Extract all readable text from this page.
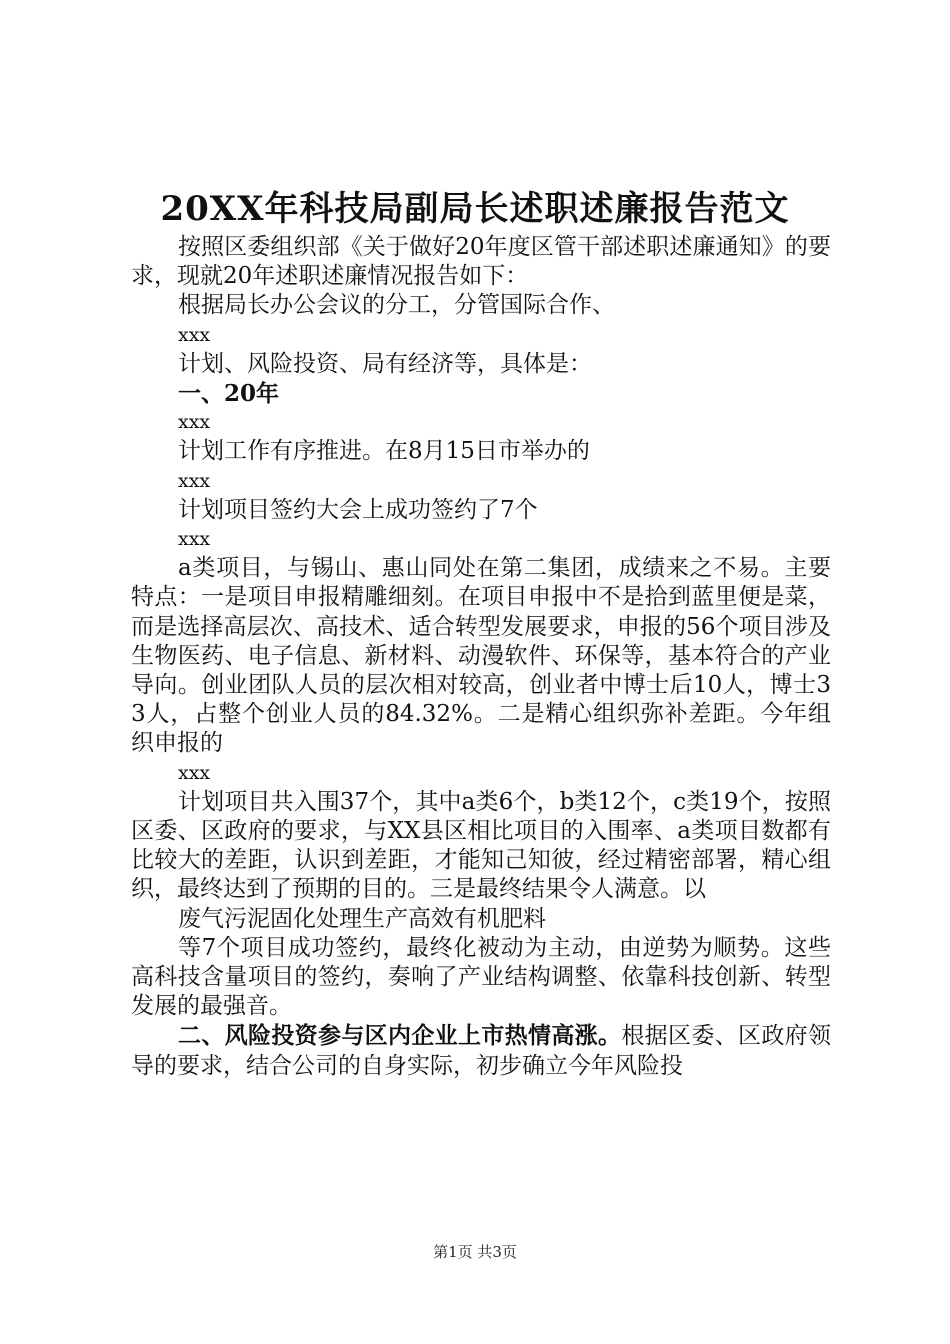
20XX年科技局副局长述职述廉报告范文

按照区委组织部《关于做好20年度区管干部述职述廉通知》的要求，现就20年述职述廉情况报告如下：

根据局长办公会议的分工，分管国际合作、

xxx

计划、风险投资、局有经济等，具体是：

一、20年

xxx

计划工作有序推进。在8月15日市举办的

xxx

计划项目签约大会上成功签约了7个

xxx

a类项目，与锡山、惠山同处在第二集团，成绩来之不易。主要特点：一是项目申报精雕细刻。在项目申报中不是拾到蓝里便是菜，而是选择高层次、高技术、适合转型发展要求，申报的56个项目涉及生物医药、电子信息、新材料、动漫软件、环保等，基本符合的产业导向。创业团队人员的层次相对较高，创业者中博士后10人，博士33人，占整个创业人员的84.32%。二是精心组织弥补差距。今年组织申报的

xxx

计划项目共入围37个，其中a类6个，b类12个，c类19个，按照区委、区政府的要求，与XX县区相比项目的入围率、a类项目数都有比较大的差距，认识到差距，才能知己知彼，经过精密部署，精心组织，最终达到了预期的目的。三是最终结果令人满意。以

废气污泥固化处理生产高效有机肥料

等7个项目成功签约，最终化被动为主动，由逆势为顺势。这些高科技含量项目的签约，奏响了产业结构调整、依靠科技创新、转型发展的最强音。

二、风险投资参与区内企业上市热情高涨。根据区委、区政府领导的要求，结合公司的自身实际，初步确立今年风险投

第1页 共3页
